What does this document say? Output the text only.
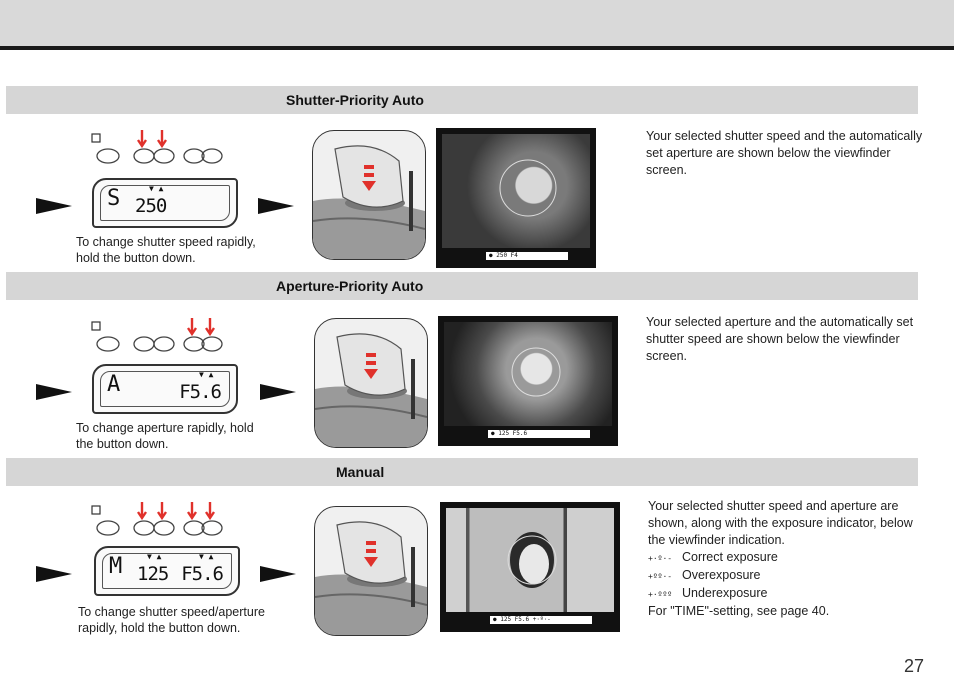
Shutter-Priority Auto
S	▼ ▲
250
To change shutter speed rapidly,
hold the button down.	● 250 F4
Your selected shutter speed and the automatically
set aperture are shown below the viewfinder
screen.
Aperture-Priority Auto
A	▼ ▲
F5.6
To change aperture rapidly, hold
the button down.
● 125 F5.6
Your selected aperture and the automatically set
shutter speed are shown below the viewfinder
screen.
Manual
M	▼ ▲	▼ ▲
125 F5.6
To change shutter speed/aperture
rapidly, hold the button down.
● 125 F5.6 +·º·-
Your selected shutter speed and aperture are
shown, along with the exposure indicator, below
the viewfinder indication.
+·º·- Correct exposure
+ºº·- Overexposure
+·ººº Underexposure
For "TIME"-setting, see page 40.
27
